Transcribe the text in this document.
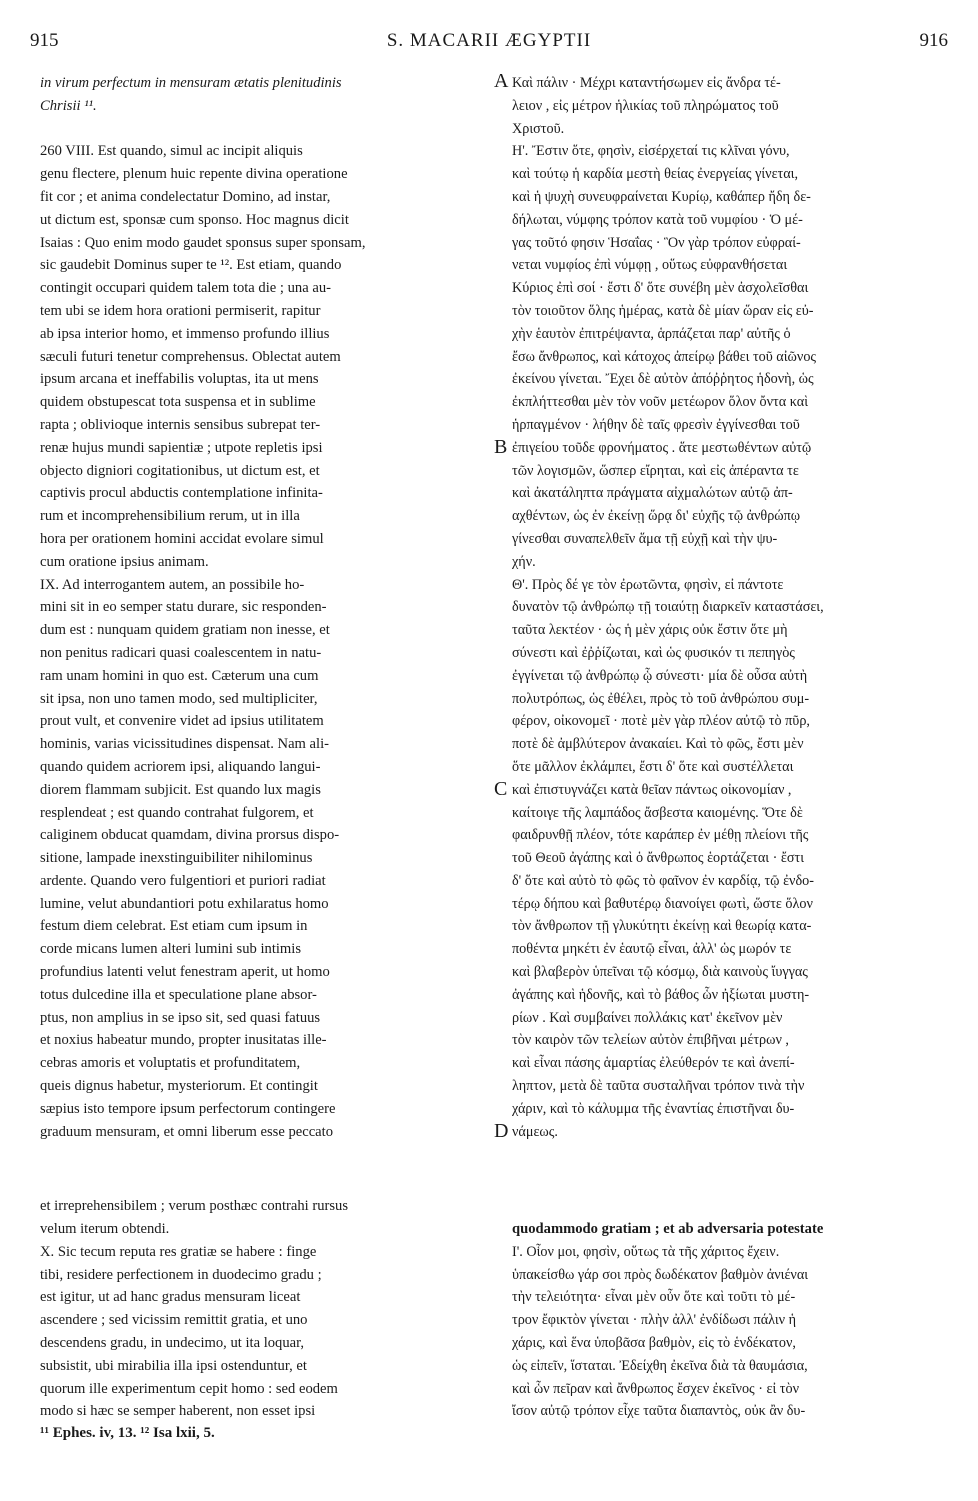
915	S. MACARII ÆGYPTII	916
in virum perfectum in mensuram ætatis plenitudinis
Chrisii ¹¹.
260 VIII. Est quando, simul ac incipit aliquis
genu flectere, plenum huic repente divina operatione
fit cor ; et anima condelectatur Domino, ad instar,
ut dictum est, sponsæ cum sponso. Hoc magnus dicit
Isaias : Quo enim modo gaudet sponsus super sponsam,
sic gaudebit Dominus super te ¹². Est etiam, quando
contingit occupari quidem talem tota die ; una au-
tem ubi se idem hora orationi permiserit, rapitur
ab ipsa interior homo, et immenso profundo illius
sæculi futuri tenetur comprehensus. Oblectat autem
ipsum arcana et ineffabilis voluptas, ita ut mens
quidem obstupescat tota suspensa et in sublime
rapta ; oblivioque internis sensibus subrepat ter-
renæ hujus mundi sapientiæ ; utpote repletis ipsi
objecto digniori cogitationibus, ut dictum est, et
captivis procul abductis contemplatione infinita-
rum et incomprehensibilium rerum, ut in illa
hora per orationem homini accidat evolare simul
cum oratione ipsius animam.
IX. Ad interrogantem autem, an possibile ho-
mini sit in eo semper statu durare, sic responden-
dum est : nunquam quidem gratiam non inesse, et
non penitus radicari quasi coalescentem in natu-
ram unam homini in quo est. Cæterum una cum
sit ipsa, non uno tamen modo, sed multipliciter,
prout vult, et convenire videt ad ipsius utilitatem
hominis, varias vicissitudines dispensat. Nam ali-
quando quidem acriorem ipsi, aliquando langui-
diorem flammam subjicit. Est quando lux magis
resplendeat ; est quando contrahat fulgorem, et
caliginem obducat quamdam, divina prorsus dispo-
sitione, lampade inexstinguibiliter nihilominus
ardente. Quando vero fulgentiori et puriori radiat
lumine, velut abundantiori potu exhilaratus homo
festum diem celebrat. Est etiam cum ipsum in
corde micans lumen alteri lumini sub intimis
profundius latenti velut fenestram aperit, ut homo
totus dulcedine illa et speculatione plane absor-
ptus, non amplius in se ipso sit, sed quasi fatuus
et noxius habeatur mundo, propter inusitatas ille-
cebras amoris et voluptatis et profunditatem,
queis dignus habetur, mysteriorum. Et contingit
sæpius isto tempore ipsum perfectorum contingere
graduum mensuram, et omni liberum esse peccato
Καὶ πάλιν · Μέχρι καταντήσωμεν εἰς ἄνδρα τέ-
λειον , εἰς μέτρον ἡλικίας τοῦ πληρώματος τοῦ
Χριστοῦ.
Η'. Ἔστιν ὅτε, φησὶν, εἰσέρχεταί τις κλῖναι γόνυ,
καὶ τούτῳ ἡ καρδία μεστὴ θείας ἐνεργείας γίνεται,
καὶ ἡ ψυχὴ συνευφραίνεται Κυρίῳ, καθάπερ ἤδη δε-
δήλωται, νύμφης τρόπον κατὰ τοῦ νυμφίου · Ὁ μέ-
γας τοῦτό φησιν Ἡσαΐας · Ὃν γὰρ τρόπον εὐφραί-
νεται νυμφίος ἐπὶ νύμφῃ , οὕτως εὐφρανθήσεται
Κύριος ἐπὶ σοί · ἔστι δ' ὅτε συνέβη μὲν ἀσχολεῖσθαι
τὸν τοιοῦτον ὅλης ἡμέρας, κατὰ δὲ μίαν ὥραν εἰς εὐ-
χὴν ἑαυτὸν ἐπιτρέψαντα, ἁρπάζεται παρ' αὐτῆς ὁ
ἔσω ἄνθρωπος, καὶ κάτοχος ἀπείρῳ βάθει τοῦ αἰῶνος
ἐκείνου γίνεται. Ἔχει δὲ αὐτὸν ἀπόῤῥητος ἡδονὴ, ὡς
ἐκπλήττεσθαι μὲν τὸν νοῦν μετέωρον ὅλον ὄντα καὶ
ἡρπαγμένον · λήθην δὲ ταῖς φρεσὶν ἐγγίνεσθαι τοῦ
ἐπιγείου τοῦδε φρονήματος . ἅτε μεστωθέντων αὐτῷ
τῶν λογισμῶν, ὥσπερ εἴρηται, καὶ εἰς ἀπέραντα τε
καὶ ἀκατάληπτα πράγματα αἰχμαλώτων αὐτῷ ἀπ-
αχθέντων, ὡς ἐν ἐκείνῃ ὥρᾳ δι' εὐχῆς τῷ ἀνθρώπῳ
γίνεσθαι συναπελθεῖν ἅμα τῇ εὐχῇ καὶ τὴν ψυ-
χήν.
Θ'. Πρὸς δέ γε τὸν ἐρωτῶντα, φησὶν, εἰ πάντοτε
δυνατὸν τῷ ἀνθρώπῳ τῇ τοιαύτῃ διαρκεῖν καταστάσει,
ταῦτα λεκτέον · ὡς ἡ μὲν χάρις οὐκ ἔστιν ὅτε μὴ
σύνεστι καὶ ἐῤῥίζωται, καὶ ὡς φυσικόν τι πεπηγὸς
ἐγγίνεται τῷ ἀνθρώπῳ ᾧ σύνεστι· μία δὲ οὖσα αὐτὴ
πολυτρόπως, ὡς ἐθέλει, πρὸς τὸ τοῦ ἀνθρώπου συμ-
φέρον, οἰκονομεῖ · ποτὲ μὲν γὰρ πλέον αὐτῷ τὸ πῦρ,
ποτὲ δὲ ἀμβλύτερον ἀνακαίει. Καὶ τὸ φῶς, ἔστι μὲν
ὅτε μᾶλλον ἐκλάμπει, ἔστι δ' ὅτε καὶ συστέλλεται
καὶ ἐπιστυγνάζει κατὰ θεῖαν πάντως οἰκονομίαν ,
καίτοιγε τῆς λαμπάδος ἄσβεστα καιομένης. Ὅτε δὲ
φαιδρυνθῇ πλέον, τότε καράπερ ἐν μέθῃ πλείονι τῆς
τοῦ Θεοῦ ἀγάπης καὶ ὁ ἄνθρωπος ἑορτάζεται · ἔστι
δ' ὅτε καὶ αὐτὸ τὸ φῶς τὸ φαῖνον ἐν καρδίᾳ, τῷ ἐνδο-
τέρῳ δήπου καὶ βαθυτέρῳ διανοίγει φωτὶ, ὥστε ὅλον
τὸν ἄνθρωπον τῇ γλυκύτητι ἐκείνῃ καὶ θεωρίᾳ κατα-
ποθέντα μηκέτι ἐν ἑαυτῷ εἶναι, ἀλλ' ὡς μωρόν τε
καὶ βλαβερὸν ὑπεῖναι τῷ κόσμῳ, διὰ καινοὺς ἴυγγας
ἀγάπης καὶ ἡδονῆς, καὶ τὸ βάθος ὧν ἠξίωται μυστη-
ρίων . Καὶ συμβαίνει πολλάκις κατ' ἐκεῖνον μὲν
τὸν καιρὸν τῶν τελείων αὐτὸν ἐπιβῆναι μέτρων ,
καὶ εἶναι πάσης ἁμαρτίας ἐλεύθερόν τε καὶ ἀνεπί-
ληπτον, μετὰ δὲ ταῦτα συσταλῆναι τρόπον τινὰ τὴν
χάριν, καὶ τὸ κάλυμμα τῆς ἐναντίας ἐπιστῆναι δυ-
νάμεως.
A
B
C
D

et irreprehensibilem ; verum posthæc contrahi rursus

quodammodo gratiam ; et ab adversaria potestate

velum iterum obtendi.
X. Sic tecum reputa res gratiæ se habere : finge
tibi, residere perfectionem in duodecimo gradu ;
est igitur, ut ad hanc gradus mensuram liceat
ascendere ; sed vicissim remittit gratia, et uno
descendens gradu, in undecimo, ut ita loquar,
subsistit, ubi mirabilia illa ipsi ostenduntur, et
quorum ille experimentum cepit homo : sed eodem
modo si hæc se semper haberent, non esset ipsi
Ι'. Οἷον μοι, φησὶν, οὕτως τὰ τῆς χάριτος ἔχειν.
ὑπακείσθω γάρ σοι πρὸς δωδέκατον βαθμὸν ἀνιέναι
τὴν τελειότητα· εἶναι μὲν οὖν ὅτε καὶ τοῦτι τὸ μέ-
τρον ἔφικτὸν γίνεται · πλὴν ἀλλ' ἐνδίδωσι πάλιν ἡ
χάρις, καὶ ἕνα ὑποβᾶσα βαθμὸν, εἰς τὸ ἑνδέκατον,
ὡς εἰπεῖν, ἵσταται. Ἐδείχθη ἐκεῖνα διὰ τὰ θαυμάσια,
καὶ ὧν πεῖραν καὶ ἄνθρωπος ἔσχεν ἐκεῖνος · εἰ τὸν
ἴσον αὐτῷ τρόπον εἶχε ταῦτα διαπαντὸς, οὐκ ἂν δυ-
¹¹ Ephes. iv, 13. ¹² Isa lxii, 5.
